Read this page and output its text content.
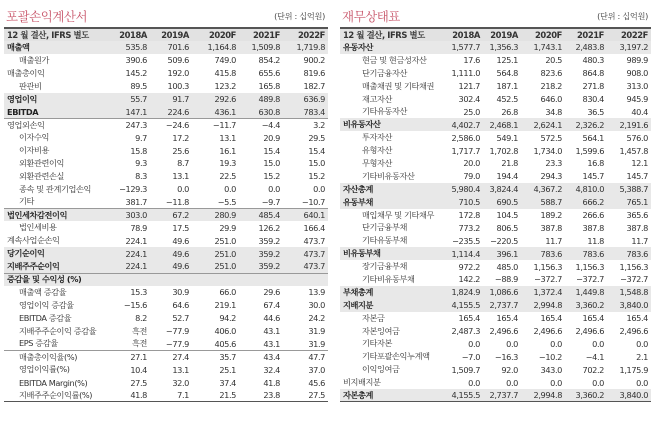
포괄손익계산서	(단위 : 십억원)
12 월 결산, IFRS 별도	2018A	2019A	2020F	2021F	2022F
매출액	535.8	701.6	1,164.8	1,509.8	1,719.8
매출원가	390.6	509.6	749.0	854.2	900.2
매출총이익	145.2	192.0	415.8	655.6	819.6
판관비	89.5	100.3	123.2	165.8	182.7
영업이익	55.7	91.7	292.6	489.8	636.9
EBITDA	147.1	224.6	436.1	630.8	783.4
영업외손익	247.3	−24.6	−11.7	−4.4	3.2
이자수익	9.7	17.2	13.1	20.9	29.5
이자비용	15.8	25.6	16.1	15.4	15.4
외환관련이익	9.3	8.7	19.3	15.0	15.0
외환관련손실	8.3	13.1	22.5	15.2	15.2
종속 및 관계기업손익	−129.3	0.0	0.0	0.0	0.0
기타	381.7	−11.8	−5.5	−9.7	−10.7
법인세차감전이익	303.0	67.2	280.9	485.4	640.1
법인세비용	78.9	17.5	29.9	126.2	166.4
계속사업순손익	224.1	49.6	251.0	359.2	473.7
당기순이익	224.1	49.6	251.0	359.2	473.7
지배주주순이익	224.1	49.6	251.0	359.2	473.7
증감율 및 수익성 (%)					
매출액 증감율	15.3	30.9	66.0	29.6	13.9
영업이익 증감율	−15.6	64.6	219.1	67.4	30.0
EBITDA 증감율	8.2	52.7	94.2	44.6	24.2
지배주주순이익 증감율	흑전	−77.9	406.0	43.1	31.9
EPS 증감율	흑전	−77.9	405.6	43.1	31.9
매출총이익율(%)	27.1	27.4	35.7	43.4	47.7
영업이익률(%)	10.4	13.1	25.1	32.4	37.0
EBITDA Margin(%)	27.5	32.0	37.4	41.8	45.6
지배주주순이익률(%)	41.8	7.1	21.5	23.8	27.5
재무상태표	(단위 : 십억원)
12 월 결산, IFRS 별도	2018A	2019A	2020F	2021F	2022F
유동자산	1,577.7	1,356.3	1,743.1	2,483.8	3,197.2
현금 및 현금성자산	17.6	125.1	20.5	480.3	989.9
단기금융자산	1,111.0	564.8	823.6	864.8	908.0
매출채권 및 기타채권	121.7	187.1	218.2	271.8	313.0
재고자산	302.4	452.5	646.0	830.4	945.9
기타유동자산	25.0	26.8	34.8	36.5	40.4
비유동자산	4,402.7	2,468.1	2,624.1	2,326.2	2,191.6
투자자산	2,586.0	549.1	572.5	564.1	576.0
유형자산	1,717.7	1,702.8	1,734.0	1,599.6	1,457.8
무형자산	20.0	21.8	23.3	16.8	12.1
기타비유동자산	79.0	194.4	294.3	145.7	145.7
자산총계	5,980.4	3,824.4	4,367.2	4,810.0	5,388.7
유동부채	710.5	690.5	588.7	666.2	765.1
매입채무 및 기타채무	172.8	104.5	189.2	266.6	365.6
단기금융부채	773.2	806.5	387.8	387.8	387.8
기타유동부채	−235.5	−220.5	11.7	11.8	11.7
비유동부채	1,114.4	396.1	783.6	783.6	783.6
장기금융부채	972.2	485.0	1,156.3	1,156.3	1,156.3
기타비유동부채	142.2	−88.9	−372.7	−372.7	−372.7
부채총계	1,824.9	1,086.6	1,372.4	1,449.8	1,548.8
지배지분	4,155.5	2,737.7	2,994.8	3,360.2	3,840.0
자본금	165.4	165.4	165.4	165.4	165.4
자본잉여금	2,487.3	2,496.6	2,496.6	2,496.6	2,496.6
기타자본	0.0	0.0	0.0	0.0	0.0
기타포괄손익누계액	−7.0	−16.3	−10.2	−4.1	2.1
이익잉여금	1,509.7	92.0	343.0	702.2	1,175.9
비지배지분	0.0	0.0	0.0	0.0	0.0
자본총계	4,155.5	2,737.7	2,994.8	3,360.2	3,840.0
